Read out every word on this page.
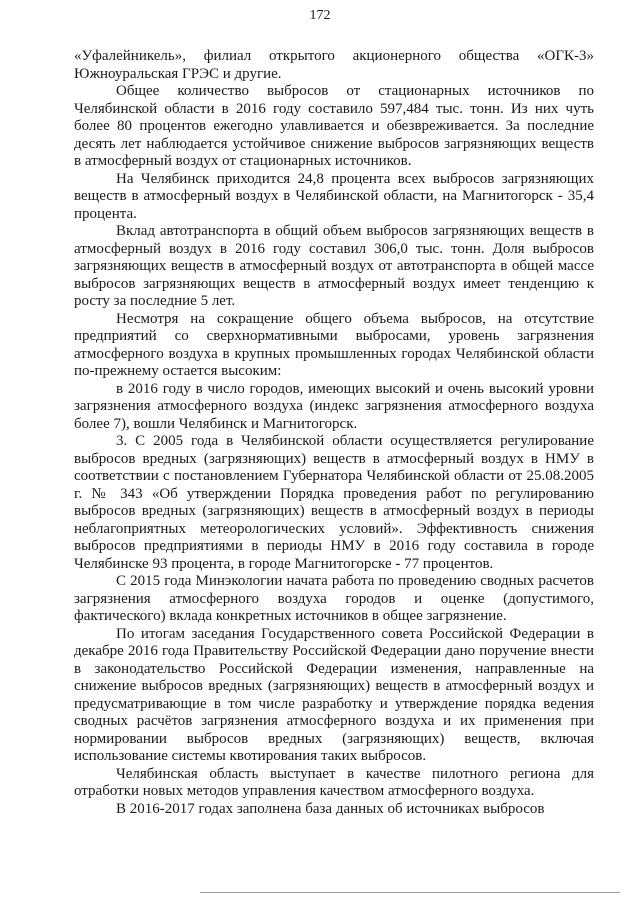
172

«Уфалейникель», филиал открытого акционерного общества «ОГК-3» Южноуральская ГРЭС и другие.

Общее количество выбросов от стационарных источников по Челябинской области в 2016 году составило 597,484 тыс. тонн. Из них чуть более 80 процентов ежегодно улавливается и обезвреживается. За последние десять лет наблюдается устойчивое снижение выбросов загрязняющих веществ в атмосферный воздух от стационарных источников.

На Челябинск приходится 24,8 процента всех выбросов загрязняющих веществ в атмосферный воздух в Челябинской области, на Магнитогорск - 35,4 процента.

Вклад автотранспорта в общий объем выбросов загрязняющих веществ в атмосферный воздух в 2016 году составил 306,0 тыс. тонн. Доля выбросов загрязняющих веществ в атмосферный воздух от автотранспорта в общей массе выбросов загрязняющих веществ в атмосферный воздух имеет тенденцию к росту за последние 5 лет.

Несмотря на сокращение общего объема выбросов, на отсутствие предприятий со сверхнормативными выбросами, уровень загрязнения атмосферного воздуха в крупных промышленных городах Челябинской области по-прежнему остается высоким:

в 2016 году в число городов, имеющих высокий и очень высокий уровни загрязнения атмосферного воздуха (индекс загрязнения атмосферного воздуха более 7), вошли Челябинск и Магнитогорск.

3. С 2005 года в Челябинской области осуществляется регулирование выбросов вредных (загрязняющих) веществ в атмосферный воздух в НМУ в соответствии с постановлением Губернатора Челябинской области от 25.08.2005 г. № 343 «Об утверждении Порядка проведения работ по регулированию выбросов вредных (загрязняющих) веществ в атмосферный воздух в периоды неблагоприятных метеорологических условий». Эффективность снижения выбросов предприятиями в периоды НМУ в 2016 году составила в городе Челябинске 93 процента, в городе Магнитогорске - 77 процентов.

С 2015 года Минэкологии начата работа по проведению сводных расчетов загрязнения атмосферного воздуха городов и оценке (допустимого, фактического) вклада конкретных источников в общее загрязнение.

По итогам заседания Государственного совета Российской Федерации в декабре 2016 года Правительству Российской Федерации дано поручение внести в законодательство Российской Федерации изменения, направленные на снижение выбросов вредных (загрязняющих) веществ в атмосферный воздух и предусматривающие в том числе разработку и утверждение порядка ведения сводных расчётов загрязнения атмосферного воздуха и их применения при нормировании выбросов вредных (загрязняющих) веществ, включая использование системы квотирования таких выбросов.

Челябинская область выступает в качестве пилотного региона для отработки новых методов управления качеством атмосферного воздуха.

В 2016-2017 годах заполнена база данных об источниках выбросов
